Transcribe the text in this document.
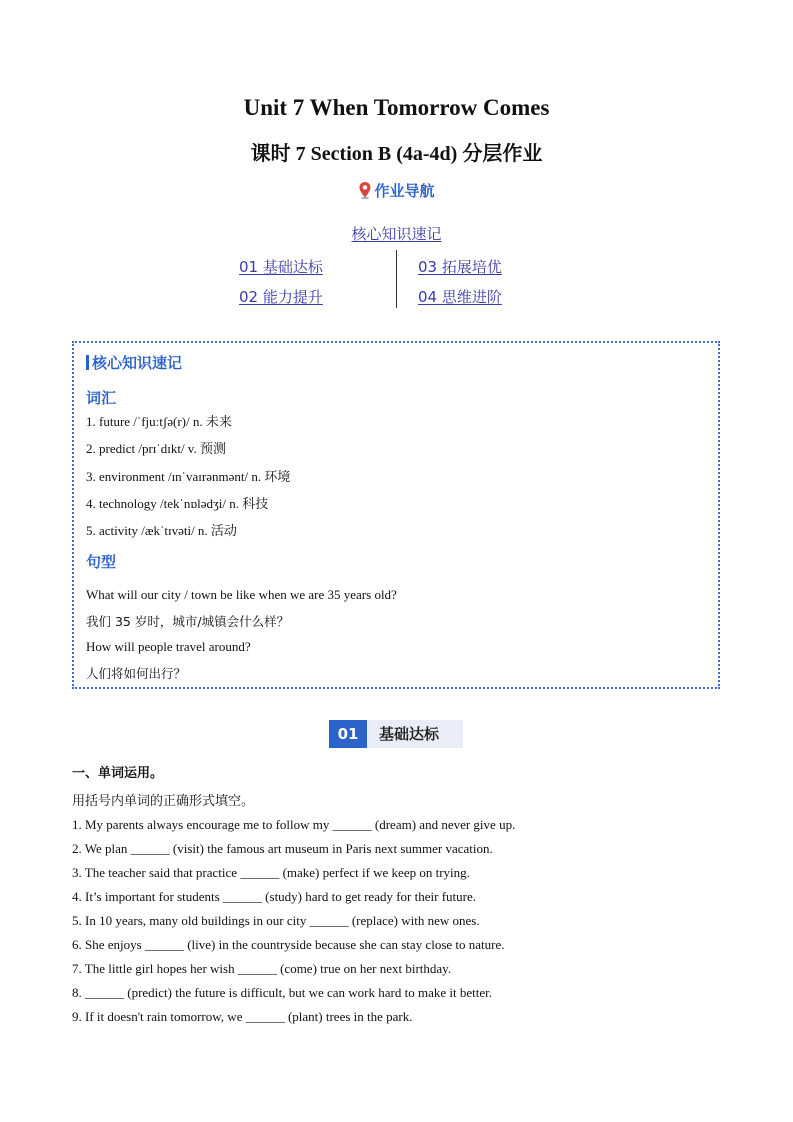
Unit 7 When Tomorrow Comes
课时 7 Section B (4a-4d) 分层作业
作业导航
核心知识速记
01 基础达标
02 能力提升
03 拓展培优
04 思维进阶
核心知识速记
词汇
1. future /ˈfjuːtʃə(r)/ n. 未来
2. predict /prɪˈdɪkt/ v. 预测
3. environment /ɪnˈvaɪrənmənt/ n. 环境
4. technology /tekˈnɒlədʒi/ n. 科技
5. activity /ækˈtɪvəti/ n. 活动
句型
What will our city / town be like when we are 35 years old?
我们 35 岁时，城市/城镇会什么样？
How will people travel around?
人们将如何出行？
01	基础达标
一、单词运用。
用括号内单词的正确形式填空。
1. My parents always encourage me to follow my ______ (dream) and never give up.
2. We plan ______ (visit) the famous art museum in Paris next summer vacation.
3. The teacher said that practice ______ (make) perfect if we keep on trying.
4. It’s important for students ______ (study) hard to get ready for their future.
5. In 10 years, many old buildings in our city ______ (replace) with new ones.
6. She enjoys ______ (live) in the countryside because she can stay close to nature.
7. The little girl hopes her wish ______ (come) true on her next birthday.
8. ______ (predict) the future is difficult, but we can work hard to make it better.
9. If it doesn't rain tomorrow, we ______ (plant) trees in the park.
